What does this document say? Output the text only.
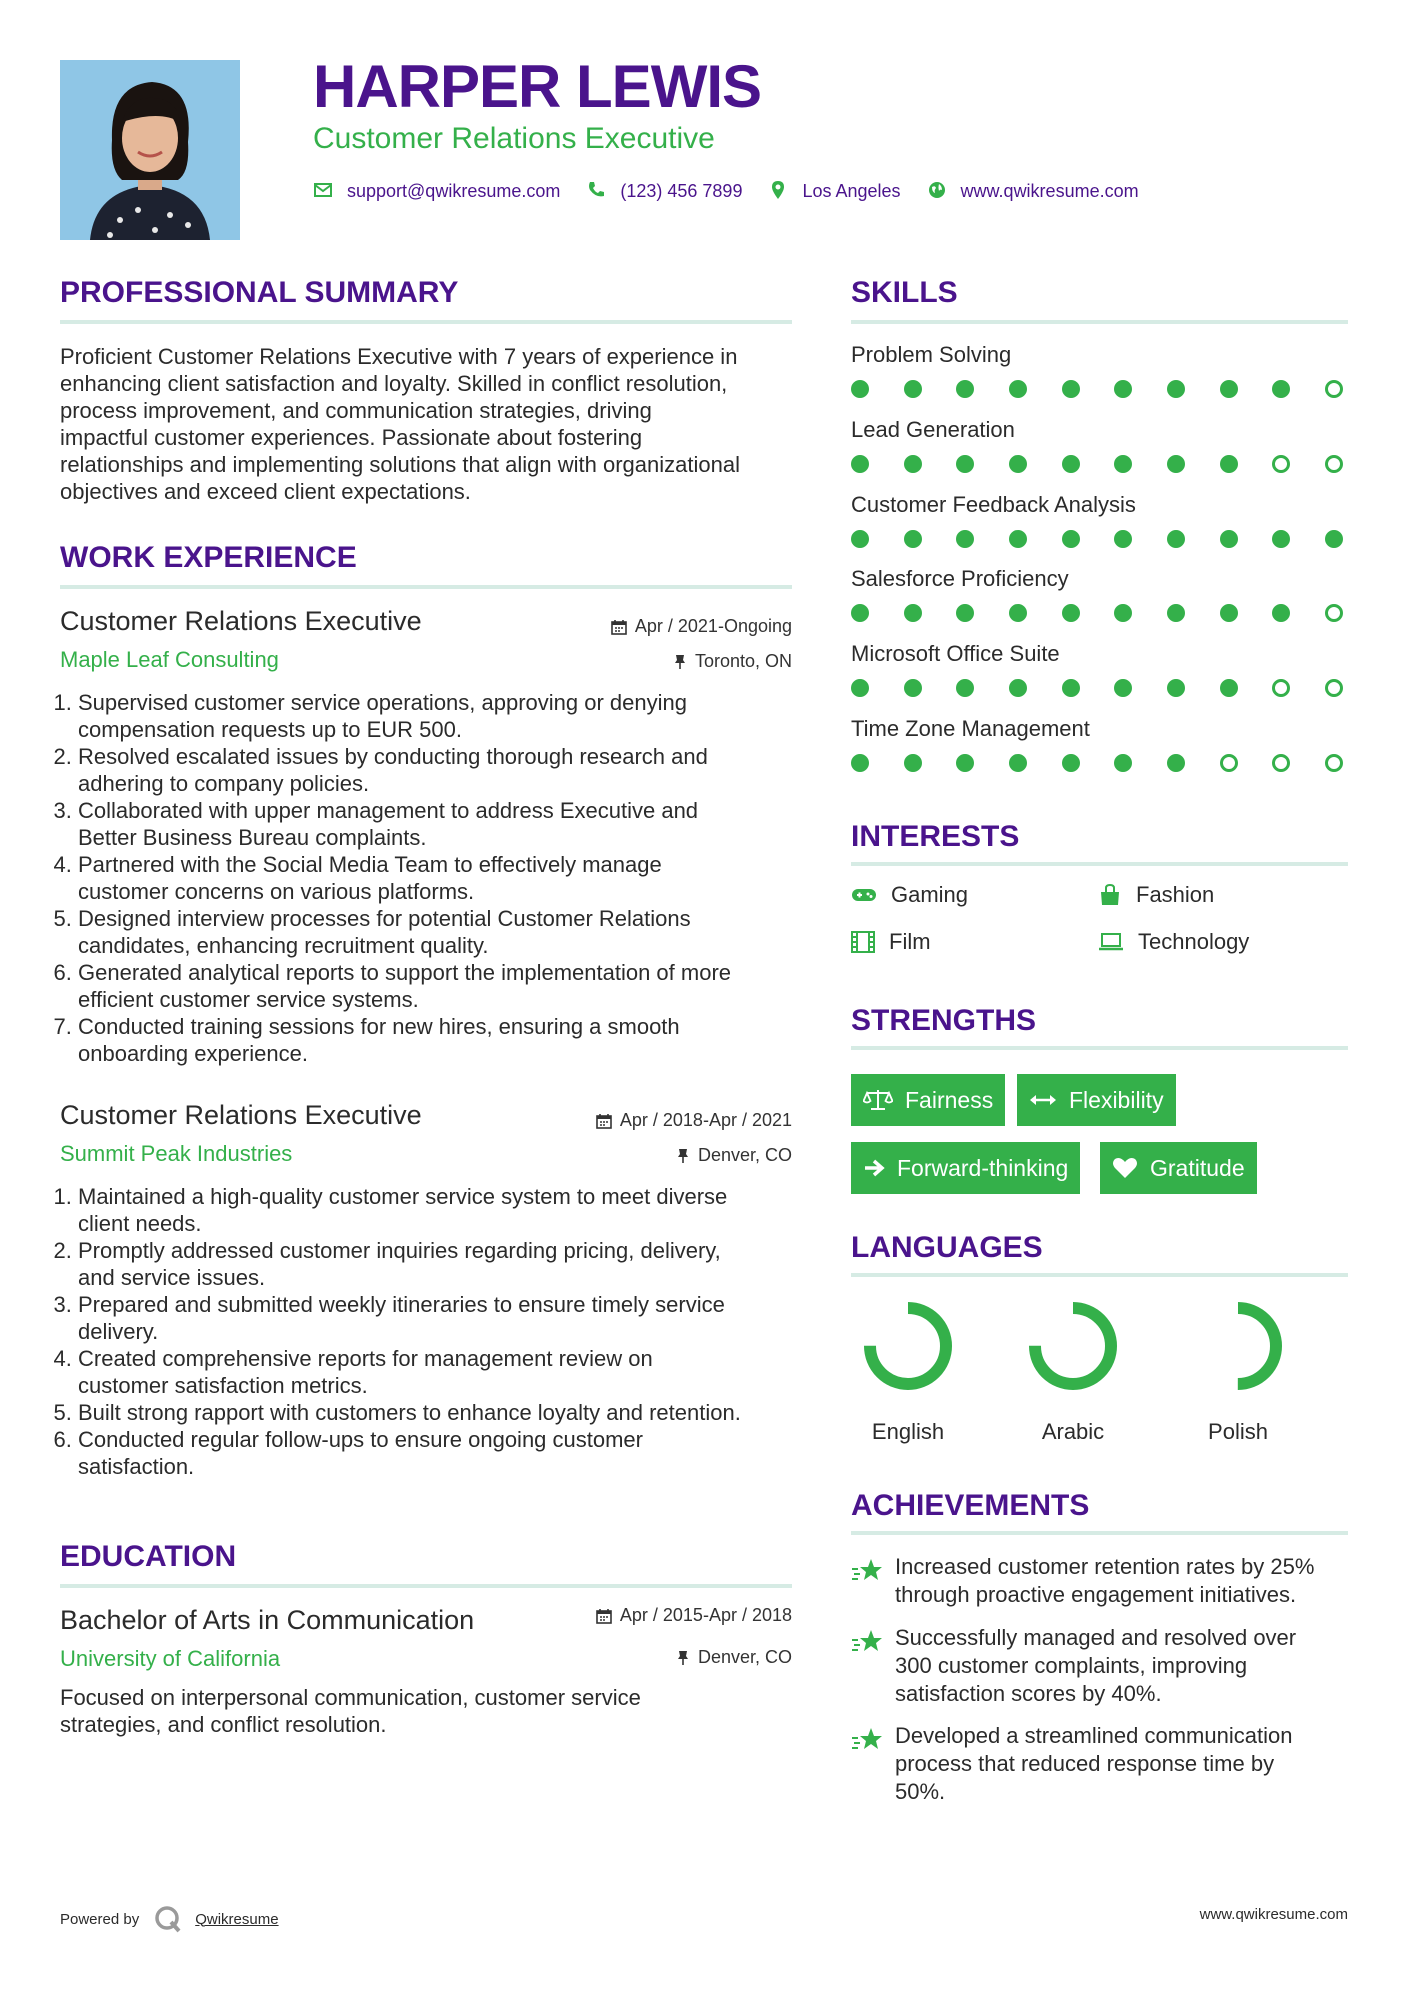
HARPER LEWIS
Customer Relations Executive
support@qwikresume.com	(123) 456 7899	Los Angeles	www.qwikresume.com
PROFESSIONAL SUMMARY
Proficient Customer Relations Executive with 7 years of experience in
enhancing client satisfaction and loyalty. Skilled in conflict resolution,
process improvement, and communication strategies, driving
impactful customer experiences. Passionate about fostering
relationships and implementing solutions that align with organizational
objectives and exceed client expectations.
WORK EXPERIENCE
Customer Relations Executive
Maple Leaf Consulting
Apr / 2021-Ongoing
Toronto, ON
1. Supervised customer service operations, approving or denying
compensation requests up to EUR 500.
2. Resolved escalated issues by conducting thorough research and
adhering to company policies.
3. Collaborated with upper management to address Executive and
Better Business Bureau complaints.
4. Partnered with the Social Media Team to effectively manage
customer concerns on various platforms.
5. Designed interview processes for potential Customer Relations
candidates, enhancing recruitment quality.
6. Generated analytical reports to support the implementation of more
efficient customer service systems.
7. Conducted training sessions for new hires, ensuring a smooth
onboarding experience.
Customer Relations Executive
Summit Peak Industries
Apr / 2018-Apr / 2021
Denver, CO
1. Maintained a high-quality customer service system to meet diverse
client needs.
2. Promptly addressed customer inquiries regarding pricing, delivery,
and service issues.
3. Prepared and submitted weekly itineraries to ensure timely service
delivery.
4. Created comprehensive reports for management review on
customer satisfaction metrics.
5. Built strong rapport with customers to enhance loyalty and retention.
6. Conducted regular follow-ups to ensure ongoing customer
satisfaction.
EDUCATION
Bachelor of Arts in Communication
University of California
Apr / 2015-Apr / 2018
Denver, CO
Focused on interpersonal communication, customer service
strategies, and conflict resolution.
SKILLS
Problem Solving
Lead Generation
Customer Feedback Analysis
Salesforce Proficiency
Microsoft Office Suite
Time Zone Management
INTERESTS
Gaming	Fashion
Film	Technology
STRENGTHS
Fairness	Flexibility
Forward-thinking	Gratitude
LANGUAGES
English	Arabic	Polish
ACHIEVEMENTS
Increased customer retention rates by 25%
through proactive engagement initiatives.
Successfully managed and resolved over
300 customer complaints, improving
satisfaction scores by 40%.
Developed a streamlined communication
process that reduced response time by
50%.
Powered by	Qwikresume	www.qwikresume.com
